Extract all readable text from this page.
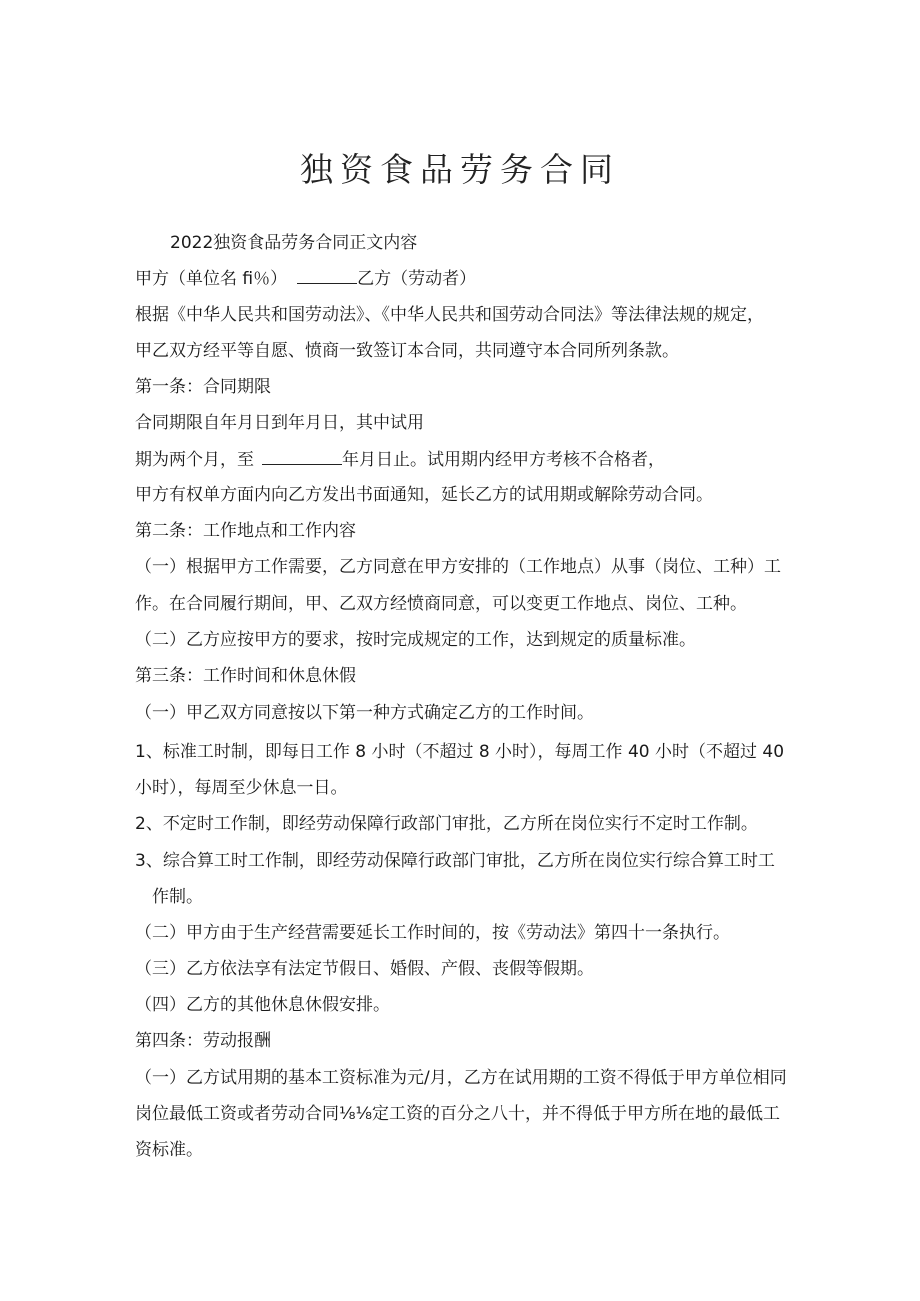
独资食品劳务合同
2022独资食品劳务合同正文内容
甲方（单位名 fi％）	乙方（劳动者）
根据《中华人民共和国劳动法》、《中华人民共和国劳动合同法》等法律法规的规定，
甲乙双方经平等自愿、愤商一致签订本合同，共同遵守本合同所列条款。
第一条：合同期限
合同期限自年月日到年月日，其中试用
期为两个月，至	年月日止。试用期内经甲方考核不合格者，
甲方有权单方面内向乙方发出书面通知，延长乙方的试用期或解除劳动合同。
第二条：工作地点和工作内容
（一）根据甲方工作需要，乙方同意在甲方安排的（工作地点）从事（岗位、工种）工
作。在合同履行期间，甲、乙双方经愤商同意，可以变更工作地点、岗位、工种。
（二）乙方应按甲方的要求，按时完成规定的工作，达到规定的质量标准。
第三条：工作时间和休息休假
（一）甲乙双方同意按以下第一种方式确定乙方的工作时间。
1、标准工时制，即每日工作 8 小时（不超过 8 小时），每周工作 40 小时（不超过 40
小时），每周至少休息一日。
2、不定时工作制，即经劳动保障行政部门审批，乙方所在岗位实行不定时工作制。
3、综合算工时工作制，即经劳动保障行政部门审批，乙方所在岗位实行综合算工时工
作制。
（二）甲方由于生产经营需要延长工作时间的，按《劳动法》第四十一条执行。
（三）乙方依法享有法定节假日、婚假、产假、丧假等假期。
（四）乙方的其他休息休假安排。
第四条：劳动报酬
（一）乙方试用期的基本工资标准为元/月，乙方在试用期的工资不得低于甲方单位相同
岗位最低工资或者劳动合同⅛⅛定工资的百分之八十，并不得低于甲方所在地的最低工
资标准。
